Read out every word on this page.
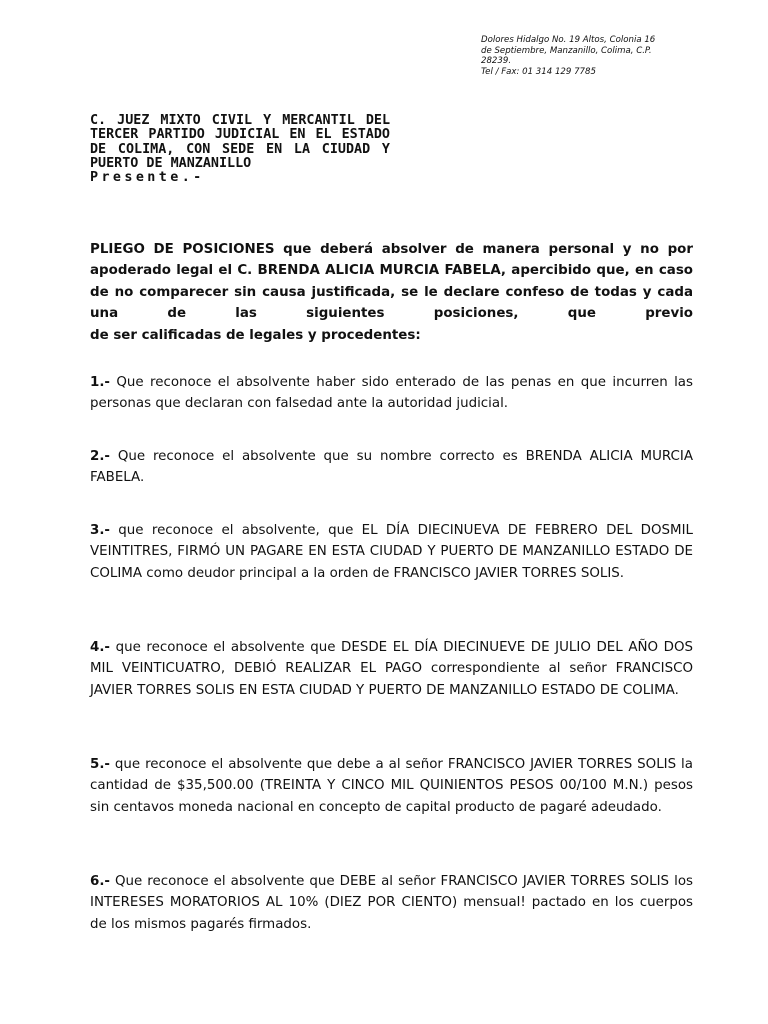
Dolores Hidalgo No. 19 Altos, Colonia 16
de Septiembre, Manzanillo, Colima, C.P.
28239.
Tel / Fax: 01 314 129 7785
C. JUEZ MIXTO CIVIL Y MERCANTIL DEL TERCER PARTIDO JUDICIAL EN EL ESTADO DE COLIMA, CON SEDE EN LA CIUDAD Y PUERTO DE MANZANILLO
Presente.-
PLIEGO DE POSICIONES que deberá absolver de manera personal y no por apoderado legal el C. BRENDA ALICIA MURCIA FABELA, apercibido que, en caso de no comparecer sin causa justificada, se le declare confeso de todas y cada una de las siguientes posiciones, que previo
de ser calificadas de legales y procedentes:
1.- Que reconoce el absolvente haber sido enterado de las penas en que incurren las personas que declaran con falsedad ante la autoridad judicial.
2.- Que reconoce el absolvente que su nombre correcto es BRENDA ALICIA MURCIA FABELA.
3.- que reconoce el absolvente, que EL DÍA DIECINUEVA DE FEBRERO DEL DOSMIL VEINTITRES, FIRMÓ UN PAGARE EN ESTA CIUDAD Y PUERTO DE MANZANILLO ESTADO DE COLIMA como deudor principal a la orden de FRANCISCO JAVIER TORRES SOLIS.
4.- que reconoce el absolvente que DESDE EL DÍA DIECINUEVE DE JULIO DEL AÑO DOS MIL VEINTICUATRO, DEBIÓ REALIZAR EL PAGO correspondiente al señor FRANCISCO JAVIER TORRES SOLIS EN ESTA CIUDAD Y PUERTO DE MANZANILLO ESTADO DE COLIMA.
5.- que reconoce el absolvente que debe a al señor FRANCISCO JAVIER TORRES SOLIS la cantidad de $35,500.00 (TREINTA Y CINCO MIL QUINIENTOS PESOS 00/100 M.N.) pesos sin centavos moneda nacional en concepto de capital producto de pagaré adeudado.
6.- Que reconoce el absolvente que DEBE al señor FRANCISCO JAVIER TORRES SOLIS los INTERESES MORATORIOS AL 10% (DIEZ POR CIENTO) mensual! pactado en los cuerpos de los mismos pagarés firmados.
